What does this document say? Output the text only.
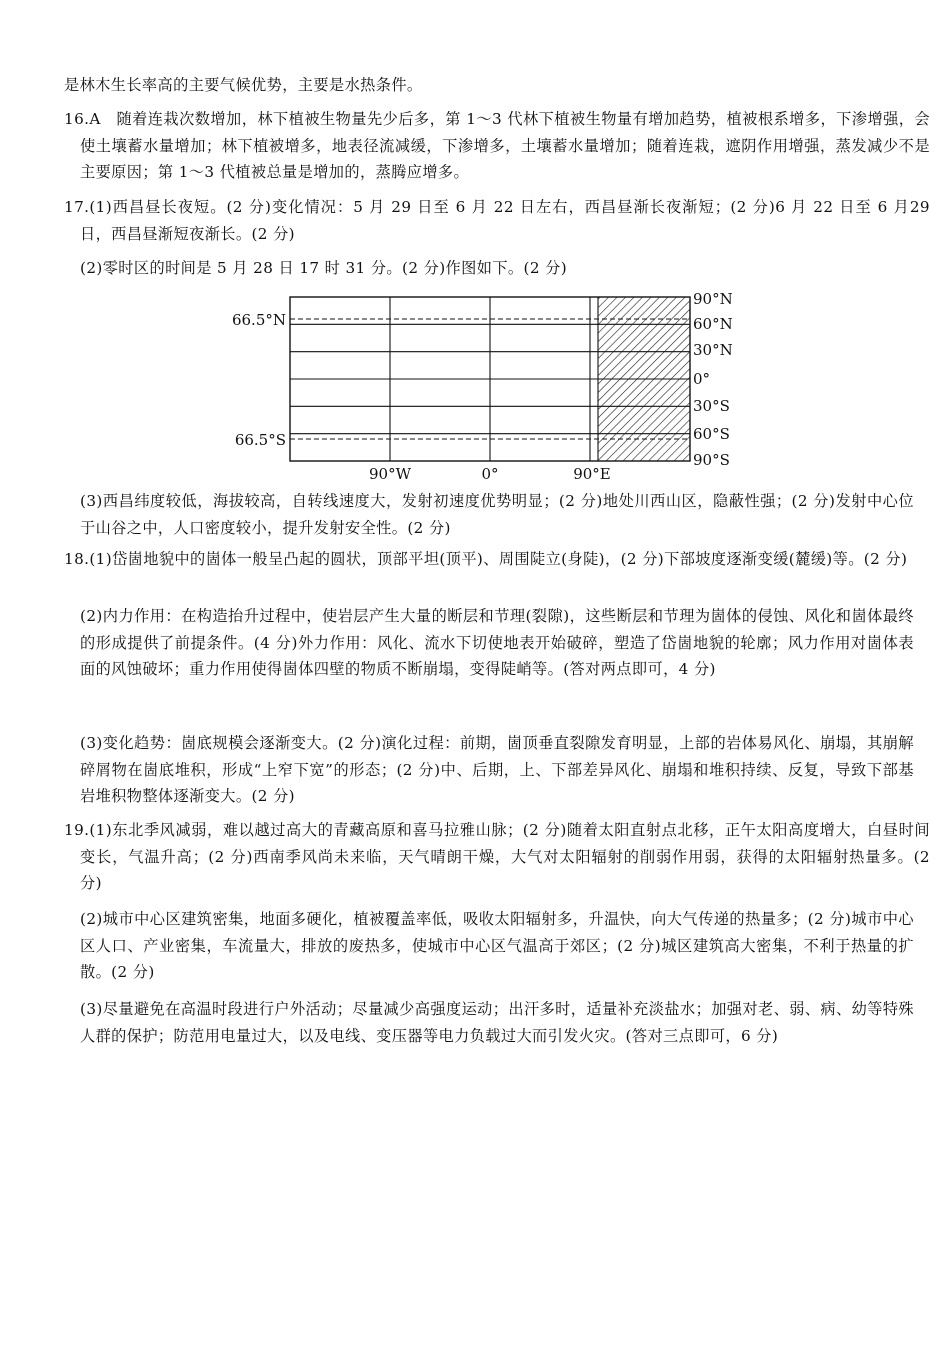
是林木生长率高的主要气候优势，主要是水热条件。
16.A　随着连栽次数增加，林下植被生物量先少后多，第 1～3 代林下植被生物量有增加趋势，植被根系增多，下渗增强，会使土壤蓄水量增加；林下植被增多，地表径流减缓，下渗增多，土壤蓄水量增加；随着连栽，遮阴作用增强，蒸发减少不是主要原因；第 1～3 代植被总量是增加的，蒸腾应增多。
17.(1)西昌昼长夜短。(2 分)变化情况：5 月 29 日至 6 月 22 日左右，西昌昼渐长夜渐短；(2 分)6 月 22 日至 6 月29 日，西昌昼渐短夜渐长。(2 分)
(2)零时区的时间是 5 月 28 日 17 时 31 分。(2 分)作图如下。(2 分)
66.5°N
66.5°S
90°N
60°N
30°N
0°
30°S
60°S
90°S
90°W	0°	90°E
(3)西昌纬度较低，海拔较高，自转线速度大，发射初速度优势明显；(2 分)地处川西山区，隐蔽性强；(2 分)发射中心位于山谷之中，人口密度较小，提升发射安全性。(2 分)
18.(1)岱崮地貌中的崮体一般呈凸起的圆状，顶部平坦(顶平)、周围陡立(身陡)，(2 分)下部坡度逐渐变缓(麓缓)等。(2 分)
(2)内力作用：在构造抬升过程中，使岩层产生大量的断层和节理(裂隙)，这些断层和节理为崮体的侵蚀、风化和崮体最终的形成提供了前提条件。(4 分)外力作用：风化、流水下切使地表开始破碎，塑造了岱崮地貌的轮廓；风力作用对崮体表面的风蚀破坏；重力作用使得崮体四壁的物质不断崩塌，变得陡峭等。(答对两点即可，4 分)
(3)变化趋势：崮底规模会逐渐变大。(2 分)演化过程：前期，崮顶垂直裂隙发育明显，上部的岩体易风化、崩塌，其崩解碎屑物在崮底堆积，形成“上窄下宽”的形态；(2 分)中、后期，上、下部差异风化、崩塌和堆积持续、反复，导致下部基岩堆积物整体逐渐变大。(2 分)
19.(1)东北季风减弱，难以越过高大的青藏高原和喜马拉雅山脉；(2 分)随着太阳直射点北移，正午太阳高度增大，白昼时间变长，气温升高；(2 分)西南季风尚未来临，天气晴朗干燥，大气对太阳辐射的削弱作用弱，获得的太阳辐射热量多。(2 分)
(2)城市中心区建筑密集，地面多硬化，植被覆盖率低，吸收太阳辐射多，升温快，向大气传递的热量多；(2 分)城市中心区人口、产业密集，车流量大，排放的废热多，使城市中心区气温高于郊区；(2 分)城区建筑高大密集，不利于热量的扩散。(2 分)
(3)尽量避免在高温时段进行户外活动；尽量减少高强度运动；出汗多时，适量补充淡盐水；加强对老、弱、病、幼等特殊人群的保护；防范用电量过大，以及电线、变压器等电力负载过大而引发火灾。(答对三点即可，6 分)
